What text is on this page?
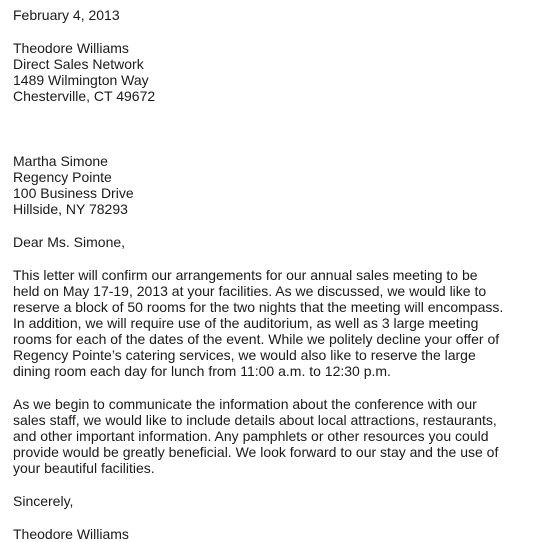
February 4, 2013
Theodore Williams
Direct Sales Network
1489 Wilmington Way
Chesterville, CT 49672
Martha Simone
Regency Pointe
100 Business Drive
Hillside, NY 78293
Dear Ms. Simone,
This letter will confirm our arrangements for our annual sales meeting to be
held on May 17-19, 2013 at your facilities. As we discussed, we would like to
reserve a block of 50 rooms for the two nights that the meeting will encompass.
In addition, we will require use of the auditorium, as well as 3 large meeting
rooms for each of the dates of the event. While we politely decline your offer of
Regency Pointe’s catering services, we would also like to reserve the large
dining room each day for lunch from 11:00 a.m. to 12:30 p.m.
As we begin to communicate the information about the conference with our
sales staff, we would like to include details about local attractions, restaurants,
and other important information. Any pamphlets or other resources you could
provide would be greatly beneficial. We look forward to our stay and the use of
your beautiful facilities.
Sincerely,
Theodore Williams
